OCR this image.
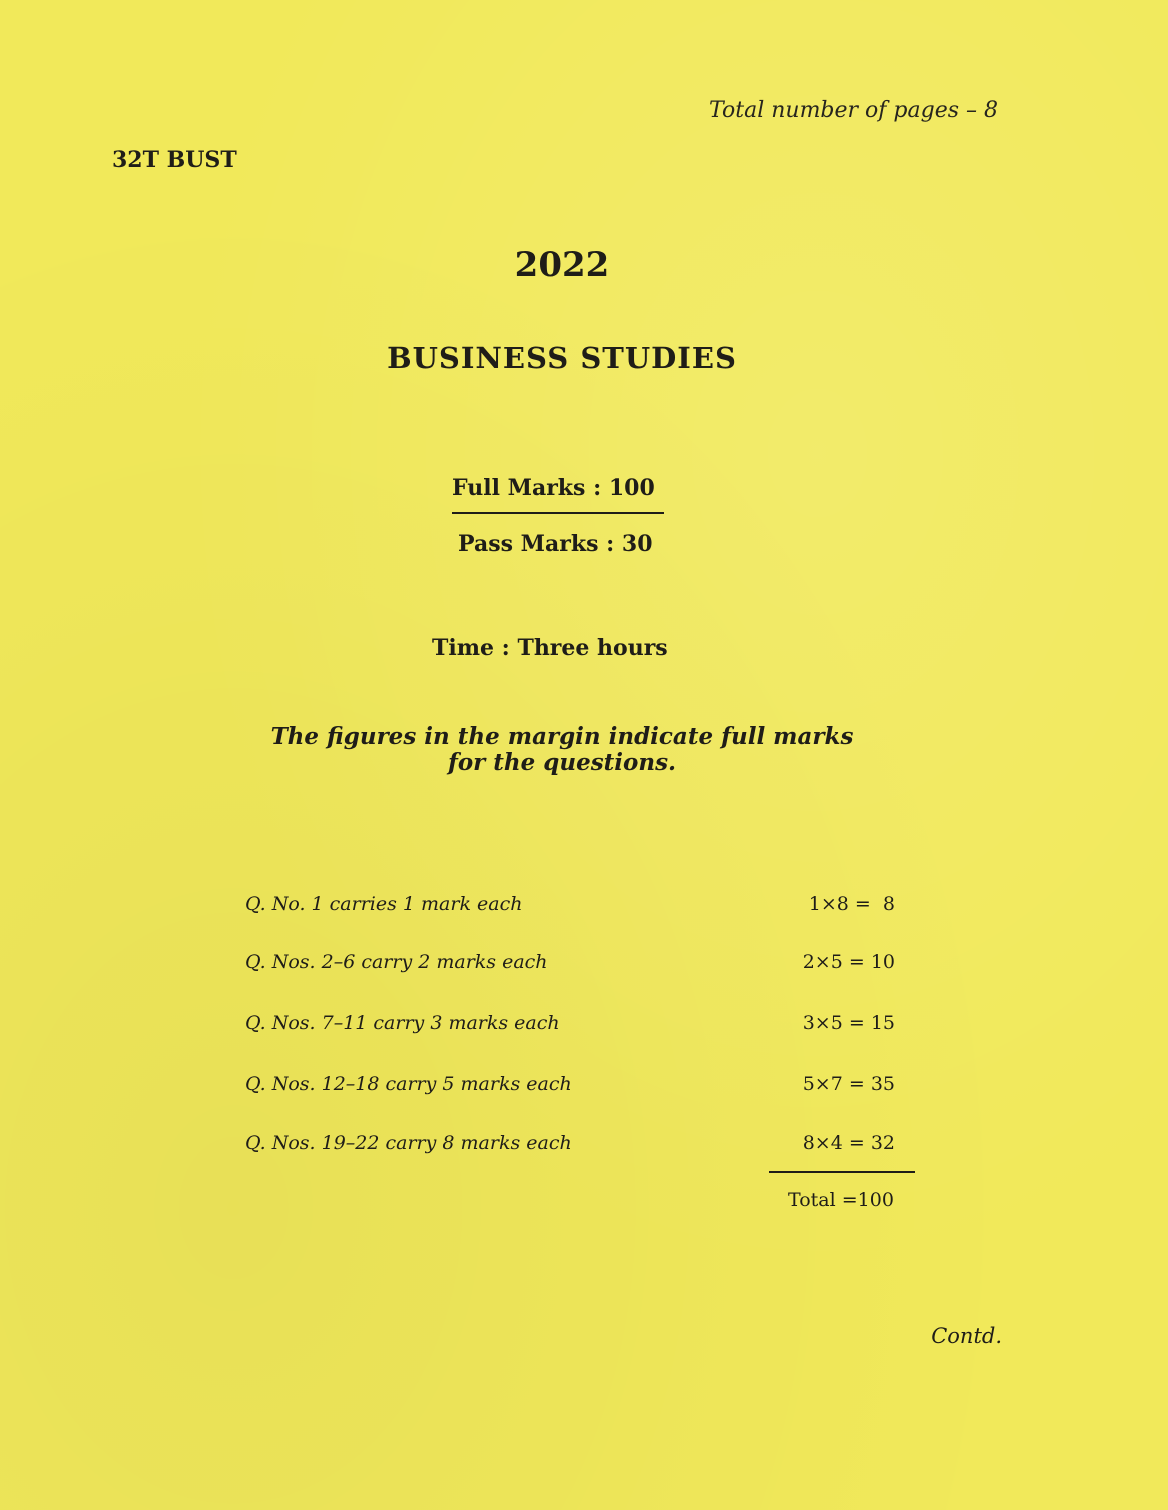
Total number of pages – 8
32T BUST
2022
BUSINESS STUDIES
Full Marks : 100
Pass Marks : 30
Time : Three hours
The figures in the margin indicate full marks
for the questions.
Q. No. 1 carries 1 mark each	1×8 =  8
Q. Nos. 2–6 carry 2 marks each	2×5 = 10
Q. Nos. 7–11 carry 3 marks each	3×5 = 15
Q. Nos. 12–18 carry 5 marks each	5×7 = 35
Q. Nos. 19–22 carry 8 marks each	8×4 = 32
Total =100
Contd.
